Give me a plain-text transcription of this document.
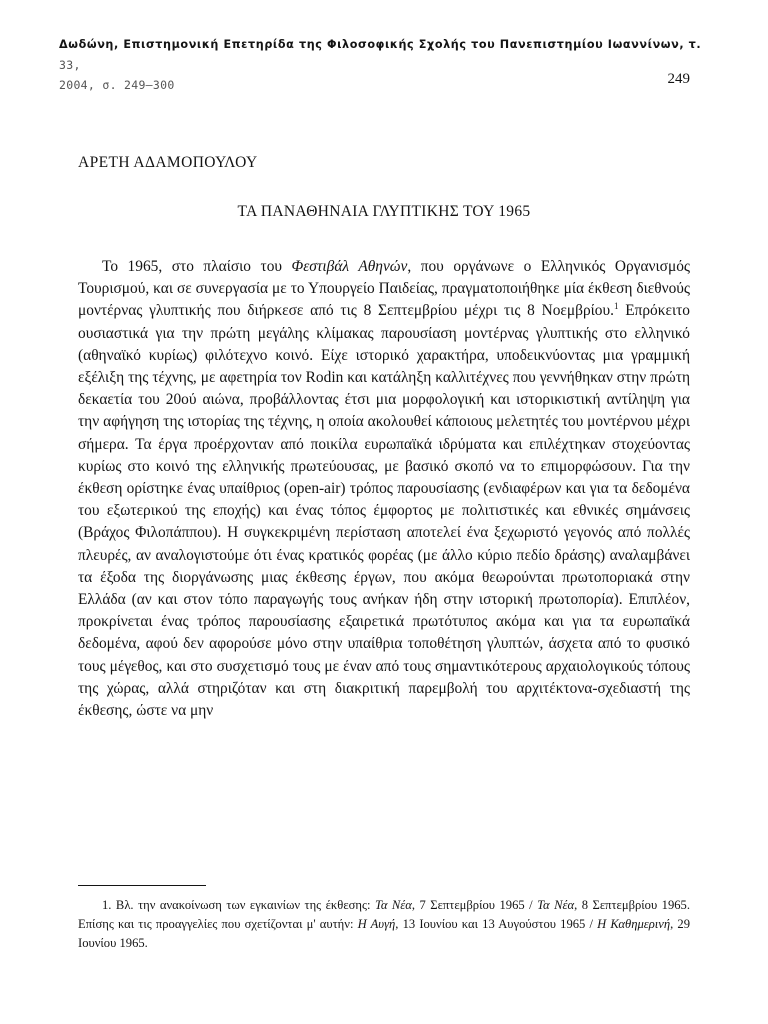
Δωδώνη, Επιστημονική Επετηρίδα της Φιλοσοφικής Σχολής του Πανεπιστημίου Ιωαννίνων, τ. 33,
2004, σ. 249–300	249
ΑΡΕΤΗ ΑΔΑΜΟΠΟΥΛΟΥ
ΤΑ ΠΑΝΑΘΗΝΑΙΑ ΓΛΥΠΤΙΚΗΣ ΤΟΥ 1965

Το 1965, στο πλαίσιο του Φεστιβάλ Αθηνών, που οργάνωνε ο Ελληνικός Οργανισμός Τουρισμού, και σε συνεργασία με το Υπουργείο Παιδείας, πραγματοποιήθηκε μία έκθεση διεθνούς μοντέρνας γλυπτικής που διήρκεσε από τις 8 Σεπτεμβρίου μέχρι τις 8 Νοεμβρίου.$^1$ Επρόκειτο ουσιαστικά για την πρώτη μεγάλης κλίμακας παρουσίαση μοντέρνας γλυπτικής στο ελληνικό (αθηναϊκό κυρίως) φιλότεχνο κοινό. Είχε ιστορικό χαρακτήρα, υποδεικνύοντας μια γραμμική εξέλιξη της τέχνης, με αφετηρία τον Rodin και κατάληξη καλλιτέχνες που γεννήθηκαν στην πρώτη δεκαετία του 20ού αιώνα, προβάλλοντας έτσι μια μορφολογική και ιστορικιστική αντίληψη για την αφήγηση της ιστορίας της τέχνης, η οποία ακολουθεί κάποιους μελετητές του μοντέρνου μέχρι σήμερα. Τα έργα προέρχονταν από ποικίλα ευρωπαϊκά ιδρύματα και επιλέχτηκαν στοχεύοντας κυρίως στο κοινό της ελληνικής πρωτεύουσας, με βασικό σκοπό να το επιμορφώσουν. Για την έκθεση ορίστηκε ένας υπαίθριος (open-air) τρόπος παρουσίασης (ενδιαφέρων και για τα δεδομένα του εξωτερικού της εποχής) και ένας τόπος έμφορτος με πολιτιστικές και εθνικές σημάνσεις (Βράχος Φιλοπάππου). Η συγκεκριμένη περίσταση αποτελεί ένα ξεχωριστό γεγονός από πολλές πλευρές, αν αναλογιστούμε ότι ένας κρατικός φορέας (με άλλο κύριο πεδίο δράσης) αναλαμβάνει τα έξοδα της διοργάνωσης μιας έκθεσης έργων, που ακόμα θεωρούνται πρωτοποριακά στην Ελλάδα (αν και στον τόπο παραγωγής τους ανήκαν ήδη στην ιστορική πρωτοπορία). Επιπλέον, προκρίνεται ένας τρόπος παρουσίασης εξαιρετικά πρωτότυπος ακόμα και για τα ευρωπαϊκά δεδομένα, αφού δεν αφορούσε μόνο στην υπαίθρια τοποθέτηση γλυπτών, άσχετα από το φυσικό τους μέγεθος, και στο συσχετισμό τους με έναν από τους σημαντικότερους αρχαιολογικούς τόπους της χώρας, αλλά στηριζόταν και στη διακριτική παρεμβολή του αρχιτέκτονα-σχεδιαστή της έκθεσης, ώστε να μην

1. Βλ. την ανακοίνωση των εγκαινίων της έκθεσης: Τα Νέα, 7 Σεπτεμβρίου 1965 / Τα Νέα, 8 Σεπτεμβρίου 1965. Επίσης και τις προαγγελίες που σχετίζονται μ' αυτήν: Η Αυγή, 13 Ιουνίου και 13 Αυγούστου 1965 / Η Καθημερινή, 29 Ιουνίου 1965.
